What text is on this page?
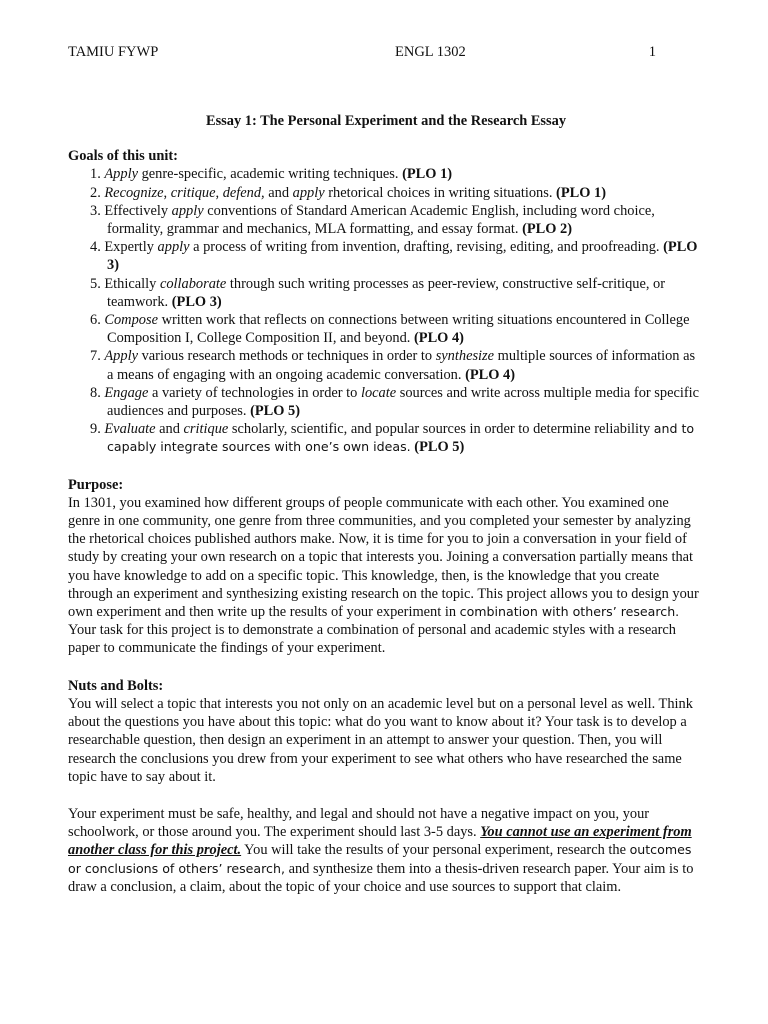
TAMIU FYWP	ENGL 1302	1
Essay 1: The Personal Experiment and the Research Essay
Goals of this unit:
1. Apply genre-specific, academic writing techniques. (PLO 1)
2. Recognize, critique, defend, and apply rhetorical choices in writing situations. (PLO 1)
3. Effectively apply conventions of Standard American Academic English, including word choice, formality, grammar and mechanics, MLA formatting, and essay format. (PLO 2)
4. Expertly apply a process of writing from invention, drafting, revising, editing, and proofreading. (PLO 3)
5. Ethically collaborate through such writing processes as peer-review, constructive self-critique, or teamwork. (PLO 3)
6. Compose written work that reflects on connections between writing situations encountered in College Composition I, College Composition II, and beyond. (PLO 4)
7. Apply various research methods or techniques in order to synthesize multiple sources of information as a means of engaging with an ongoing academic conversation. (PLO 4)
8. Engage a variety of technologies in order to locate sources and write across multiple media for specific audiences and purposes. (PLO 5)
9. Evaluate and critique scholarly, scientific, and popular sources in order to determine reliability and to capably integrate sources with one’s own ideas. (PLO 5)
Purpose:

In 1301, you examined how different groups of people communicate with each other. You examined one genre in one community, one genre from three communities, and you completed your semester by analyzing the rhetorical choices published authors make. Now, it is time for you to join a conversation in your field of study by creating your own research on a topic that interests you. Joining a conversation partially means that you have knowledge to add on a specific topic. This knowledge, then, is the knowledge that you create through an experiment and synthesizing existing research on the topic. This project allows you to design your own experiment and then write up the results of your experiment in combination with others’ research. Your task for this project is to demonstrate a combination of personal and academic styles with a research paper to communicate the findings of your experiment.

Nuts and Bolts:

You will select a topic that interests you not only on an academic level but on a personal level as well. Think about the questions you have about this topic: what do you want to know about it? Your task is to develop a researchable question, then design an experiment in an attempt to answer your question. Then, you will research the conclusions you drew from your experiment to see what others who have researched the same topic have to say about it.

Your experiment must be safe, healthy, and legal and should not have a negative impact on you, your schoolwork, or those around you. The experiment should last 3-5 days. You cannot use an experiment from another class for this project. You will take the results of your personal experiment, research the outcomes or conclusions of others’ research, and synthesize them into a thesis-driven research paper. Your aim is to draw a conclusion, a claim, about the topic of your choice and use sources to support that claim.
